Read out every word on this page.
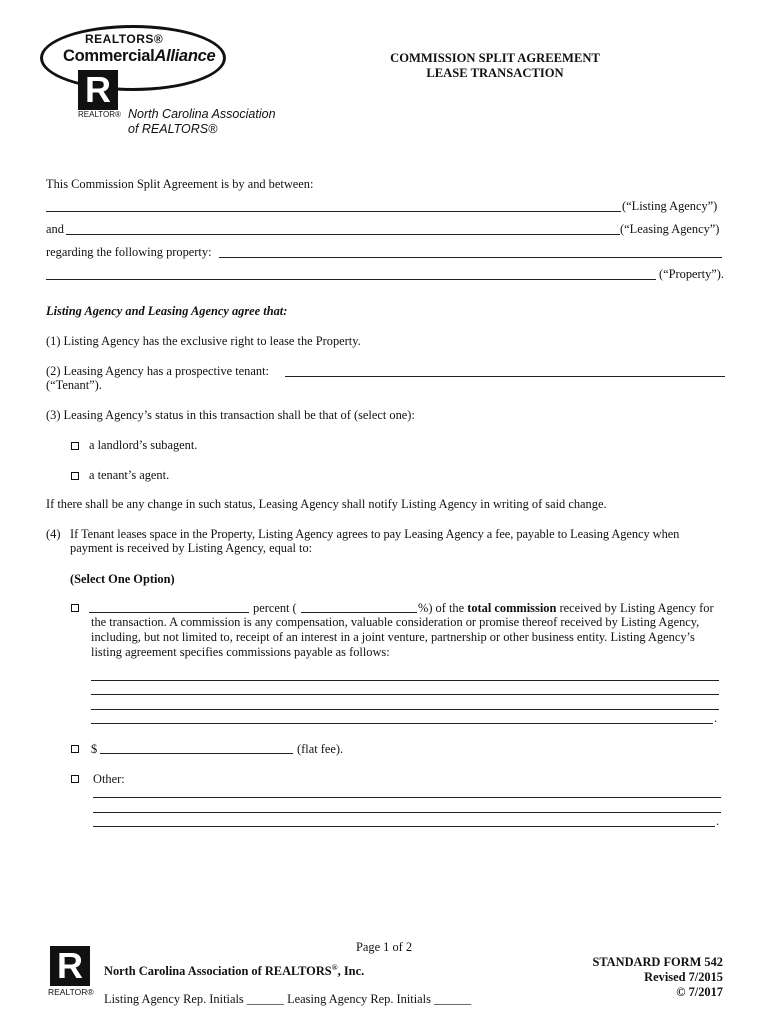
REALTORS®
CommercialAlliance
R
REALTOR® North Carolina Association
of REALTORS®
COMMISSION SPLIT AGREEMENT
LEASE TRANSACTION
This Commission Split Agreement is by and between:
(“Listing Agency”)
and	(“Leasing Agency”)
regarding the following property:
(“Property”).
Listing Agency and Leasing Agency agree that:
(1) Listing Agency has the exclusive right to lease the Property.
(2) Leasing Agency has a prospective tenant:
(“Tenant”).
(3) Leasing Agency’s status in this transaction shall be that of (select one):
a landlord’s subagent.
a tenant’s agent.
If there shall be any change in such status, Leasing Agency shall notify Listing Agency in writing of said change.
(4) If Tenant leases space in the Property, Listing Agency agrees to pay Leasing Agency a fee, payable to Leasing Agency when
payment is received by Listing Agency, equal to:
(Select One Option)
percent (	%) of the total commission received by Listing Agency for
the transaction. A commission is any compensation, valuable consideration or promise thereof received by Listing Agency,
including, but not limited to, receipt of an interest in a joint venture, partnership or other business entity. Listing Agency’s
listing agreement specifies commissions payable as follows:
.
$	(flat fee).
Other:
.
Page 1 of 2
R
REALTOR®
North Carolina Association of REALTORS®, Inc.
Listing Agency Rep. Initials ______ Leasing Agency Rep. Initials ______
STANDARD FORM 542
Revised 7/2015
© 7/2017
